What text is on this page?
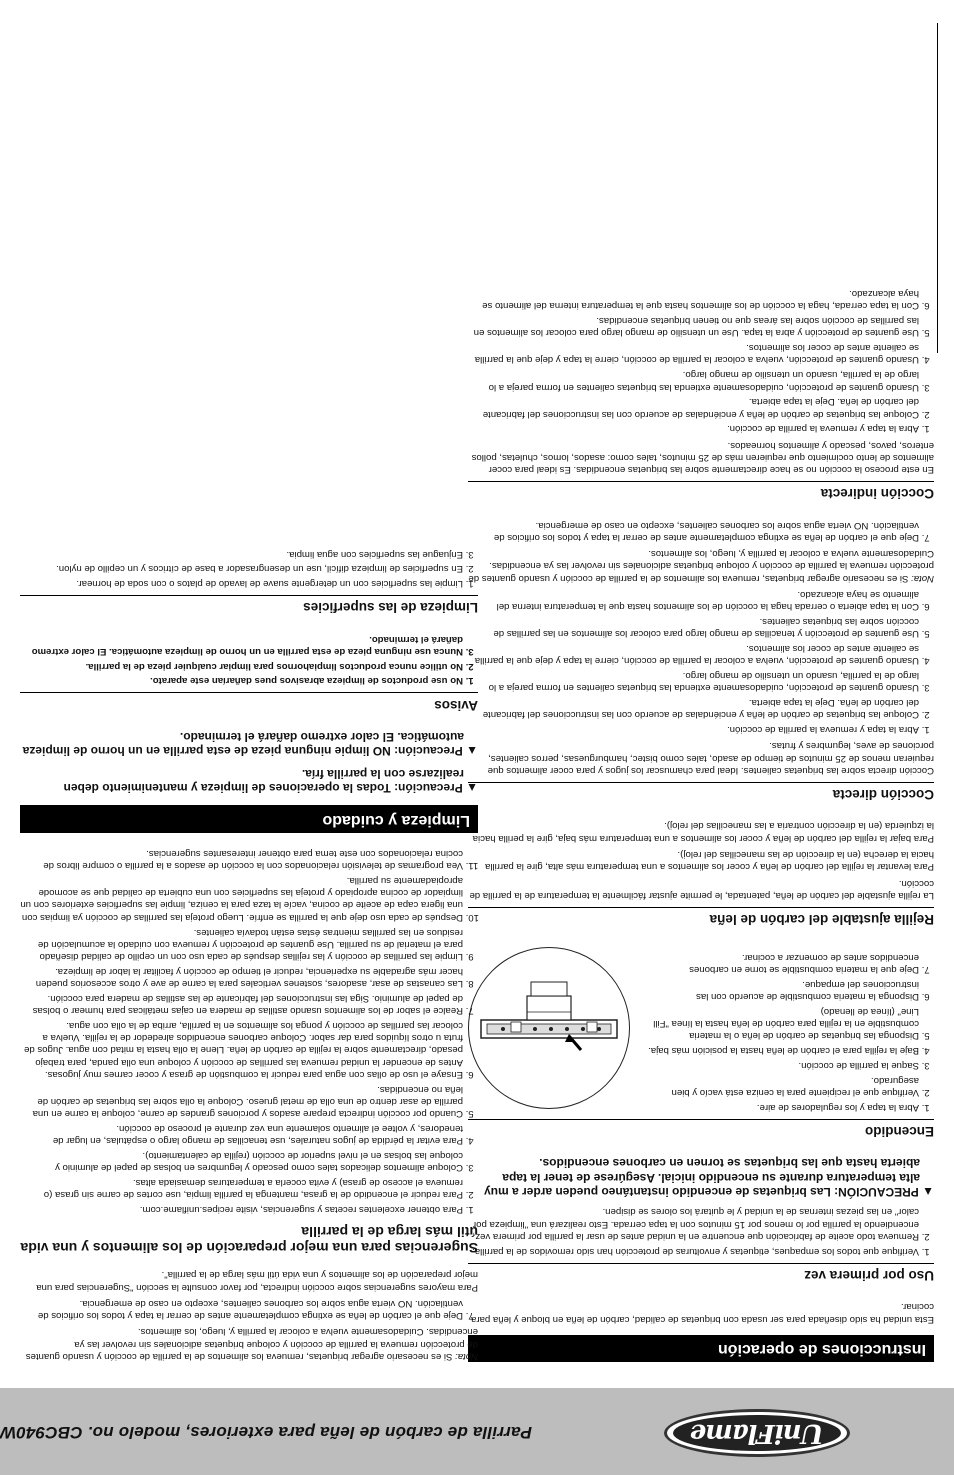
UniFlame
Parrilla de carbón de leña para exteriores, modelo no. CBC940W
Instrucciones de operación

Esta unidad ha sido diseñada para ser usada con briquetas de calidad, carbón de leña en bloque y leña para cocinar.

Uso por primera vez
1. Verifique que todos los empaques, etiquetas y envolturas de protección han sido removidos de la parrilla.
2. Remueva todo aceite de fabricación que encuentre en la unidad antes de usar la parrilla por primera vez, encendiendo la parrilla por lo menos por 15 minutos con la tapa cerrada. Esto realizará una "limpieza por calor" en las piezas internas de la unidad y le quitará los olores se disipen.
▲ PRECAUCIÓN: Las briquetas de encendido instantáneo pueden arder a muy alta temperatura durante su encendido inicial. Asegúrese de tener la tapa abierta hasta que las briquetas se tornen en carbones encendidos.
Encendido
1. Abra la tapa y los reguladores de aire.
2. Verifique que el recipiente para la ceniza está vacío y bien asegurado.
3. Saque la parrilla de cocción.
4. Baje la rejilla para el carbón de leña hasta la posición más baja.
5. Disponga las briquetas de carbón de leña o la materia combustible en la rejilla para carbón de leña hasta la línea "Fill Line" (línea de llenado)
6. Disponga la materia combustible de acuerdo con las instrucciones del empaque.
7. Deje que la materia combustible se torne en carbones encendidos antes de comenzar a cocinar.
Rejilla ajustable del carbón de leña

La rejilla ajustable del carbón de leña, patentada, le permite ajustar fácilmente la temperatura de la parrilla de cocción.

Para levantar la rejilla del carbón de leña y cocer los alimentos a una temperatura más alta, gire la parrilla hacia la derecha (en la dirección de las manecillas del reloj).

Para bajar la rejilla del carbón de leña y cocer los alimentos a una temperatura más baja, gire la perilla hacia la izquierda (en la dirección contraria a las manecillas del reloj).

Cocción directa

Cocción directa sobre las briquetas calientes. Ideal para chamuscar los jugos y para cocer alimentos que requieran menos de 25 minutos de tiempo de asado, tales como bistec, hamburguesas, perros calientes, porciones de aves, legumbres y frutas.

1. Abra la tapa y remueva la parrilla de cocción.
2. Coloque las briquetas de carbón de leña y enciéndalas de acuerdo con las instrucciones del fabricante del carbón de leña. Deje la tapa abierta.
3. Usando guantes de protección, cuidadosamente extienda las briquetas calientes en forma pareja a lo largo de la parrilla, usando un utensilio de mango largo.
4. Usando guantes de protección, vuelva a colocar la parrilla de cocción, cierre la tapa y deje que la parrilla se caliente antes de cocer los alimentos.
5. Use guantes de protección y tenacillas de mango largo para colocar los alimentos en las parrillas de cocción sobre las briquetas calientes.
6. Con la tapa abierta o cerrada haga la cocción de los alimentos hasta que la temperatura interna del alimento se haya alcanzado.

Nota: Si es necesario agregar briquetas, remueva los alimentos de la parrilla de cocción y usando guantes de protección remueva la parrilla de cocción y coloque briquetas adicionales sin revolver las ya encendidas. Cuidadosamente vuelva a colocar la parrilla y, luego, los alimentos.

7. Deje que el carbón de leña se extinga completamente antes de cerrar la tapa y todos los orificios de ventilación. NO vierta agua sobre los carbones calientes, excepto en caso de emergencia.
Cocción indirecta

En este proceso la cocción no se hace directamente sobre las briquetas encendidas. Es ideal para cocer alimentos de lento cocimiento que requieren más de 25 minutos, tales como: asados, lomos, chuletas, pollos enteros, pavos, pescado y alimentos horneados.

1. Abra la tapa y remueva la parrilla de cocción.
2. Coloque las briquetas de carbón de leña y enciéndalas de acuerdo con las instrucciones del fabricante del carbón de leña. Deje la tapa abierta.
3. Usando guantes de protección, cuidadosamente extienda las briquetas calientes en forma pareja a lo largo de la parrilla, usando un utensilio de mango largo.
4. Usando guantes de protección, vuelva a colocar la parrilla de cocción, cierre la tapa y deje que la parrilla se caliente antes de cocer los alimentos.
5. Use guantes de protección y abra la tapa. Use un utensilio de mango largo para colocar los alimentos en las parrillas de cocción sobre las áreas que no tienen briquetas encendidas.
6. Con la tapa cerrada, haga la cocción de los alimentos hasta que la temperatura interna del alimento se haya alcanzado.

Nota: Si es necesario agregar briquetas, remueva los alimentos de la parrilla de cocción y usando guantes de protección remueva la parrilla de cocción y coloque briquetas adicionales sin revolver las ya encendidas. Cuidadosamente vuelva a colocar la parrilla y, luego, los alimentos.

7. Deje que el carbón de leña se extinga completamente antes de cerrar la tapa y todos los orificios de ventilación. NO vierta agua sobre los carbones calientes, excepto en caso de emergencia.

Para mayores sugerencias sobre cocción indirecta, por favor consulte la sección "Sugerencias para una mejor preparación de los alimentos y una vida útil más larga de la parrilla".

Sugerencias para una mejor preparación de los alimentos y una vida útil más larga de la parrilla
1. Para obtener excelentes recetas y sugerencias, visite recipes.uniflame.com.
2. Para reducir el encendido de la grasa, mantenga la parrilla limpia, use cortes de carne sin grasa (o remueva el acceso de grasa) y evita cocerla a temperaturas demasiada altas.
3. Coloque alimentos delicados tales como pescado y legumbres en bolsas de papel de aluminio y coloque las bolsas en el nivel superior de cocción (rejilla de calentamiento).
4. Para evitar la pérdida de jugos naturales, use tenacillas de mango largo o espátulas, en lugar de tenedores, y voltee el alimento solamente una vez durante el proceso de cocción.
5. Cuando por cocción indirecta prepare asados y porciones grandes de carne, coloque la carne en una parrilla de asar dentro de una olla de metal grueso. Coloque la olla sobre las briquetas de carbón de leña no encendidas.
6. Ensaye el uso de ollas con agua para reducir la combustión de grasa y cocer carnes muy jugosas. Antes de encender la unidad remueva las parrillas de cocción y coloque una olla panda, para trabajo pesado, directamente sobre la rejilla de carbón de leña. Llene la olla hasta la mitad con agua. Jugos de fruta u otros líquidos para dar sabor. Coloque carbones encendidos alrededor de la rejilla. Vuelva a colocar las parrillas de cocción y ponga los alimentos en la parrilla, arriba de la olla con agua.
7. Realce el sabor de los alimentos usando astillas de madera en cajas metálicas para humear o bolsas de papel de aluminio. Siga las instrucciones del fabricante de las astillas de madera para cocción.
8. Las canastas de asar, asadores, sostenes verticales para la carne de ave y otros accesorios pueden hacer más agradable su experiencia, reducir el tiempo de cocción y facilitar la labor de limpieza.
9. Limpie las parrillas de cocción y las rejillas después de cada uso con un cepillo de calidad diseñado para el material de su parrilla. Use guantes de protección y remueva con cuidado la acumulación de residuos en las parrillas mientras éstas están todavía calientes.
10. Después de cada uso deje que la parrilla se enfríe. Luego proteja las parrillas de cocción ya limpias con una ligera capa de aceite de cocina, vacíe la taza para la ceniza, limpie las superficies exteriores con un limpiador de cocina apropiado y proteja las superficies con una cubierta de calidad que se acomode apropiadamente su parrilla.
11. Vea programas de televisión relacionados con la cocción de asados a la parrilla o compre libros de cocina relacionados con este tema para obtener interesantes sugerencias.
Limpieza y cuidado
▲ Precaución: Todas la operaciones de limpieza y mantenimiento deben realizarse con la parrilla fría.
▲ Precaución: NO limpie ninguna pieza de esta parrilla en un horno de limpieza automática. El calor extremo dañará el terminado.
Avisos
1. No use productos de limpieza abrasivos pues dañarían este aparato.
2. No utilice nunca productos limpiahornos para limpiar cualquier pieza de la parrilla.
3. Nunca use ninguna pieza de esta parrilla en un horno de limpieza automática. El calor extremo dañará el terminado.
Limpieza de las superficies
1. Limpie las superficies con un detergente suave de lavado de platos o con soda de hornear.
2. En superficies de limpieza difícil, use un desengrasador a base de cítricos y un cepillo de nylon.
3. Enjuague las superficies con agua limpia.
